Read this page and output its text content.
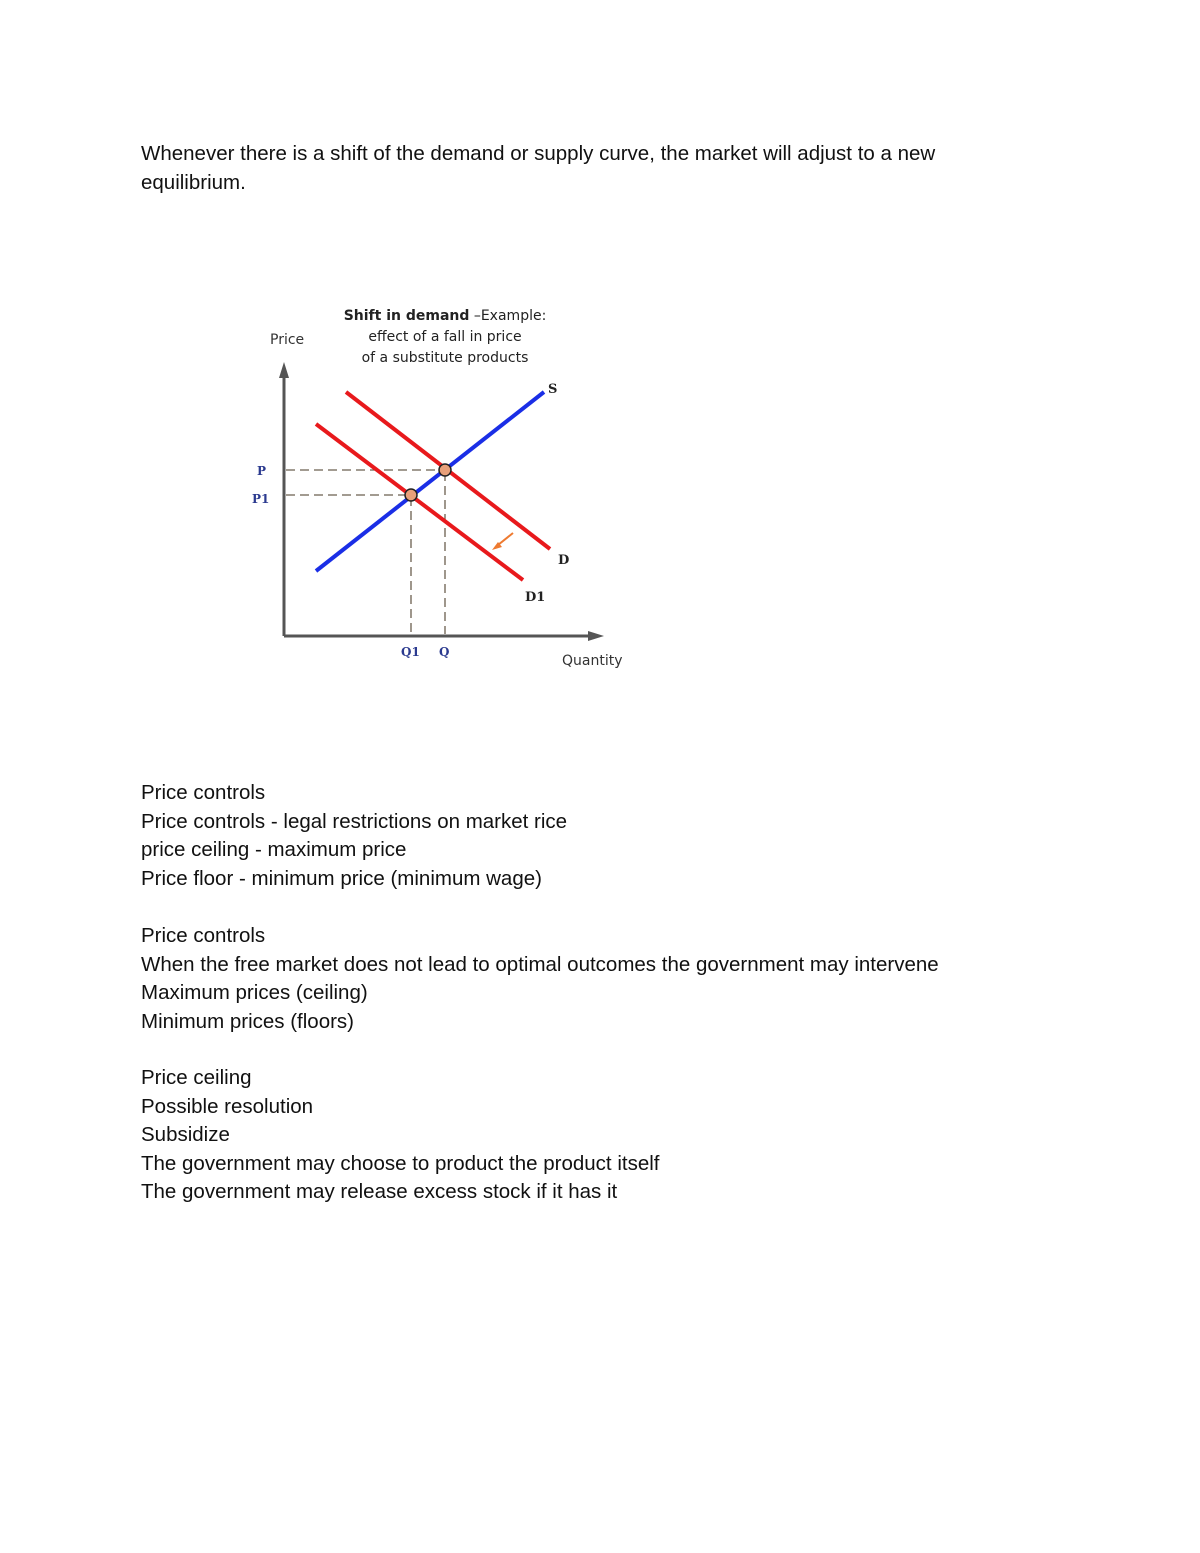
Whenever there is a shift of the demand or supply curve, the market will adjust to a new
equilibrium.
Shift in demand –Example:
effect of a fall in price
of a substitute products
Price
Quantity
S
D
D1
P
P1
Q1 Q
Price controls
Price controls - legal restrictions on market rice
price ceiling - maximum price
Price floor - minimum price (minimum wage)
Price controls
When the free market does not lead to optimal outcomes the government may intervene
Maximum prices (ceiling)
Minimum prices (floors)
Price ceiling
Possible resolution
Subsidize
The government may choose to product the product itself
The government may release excess stock if it has it
